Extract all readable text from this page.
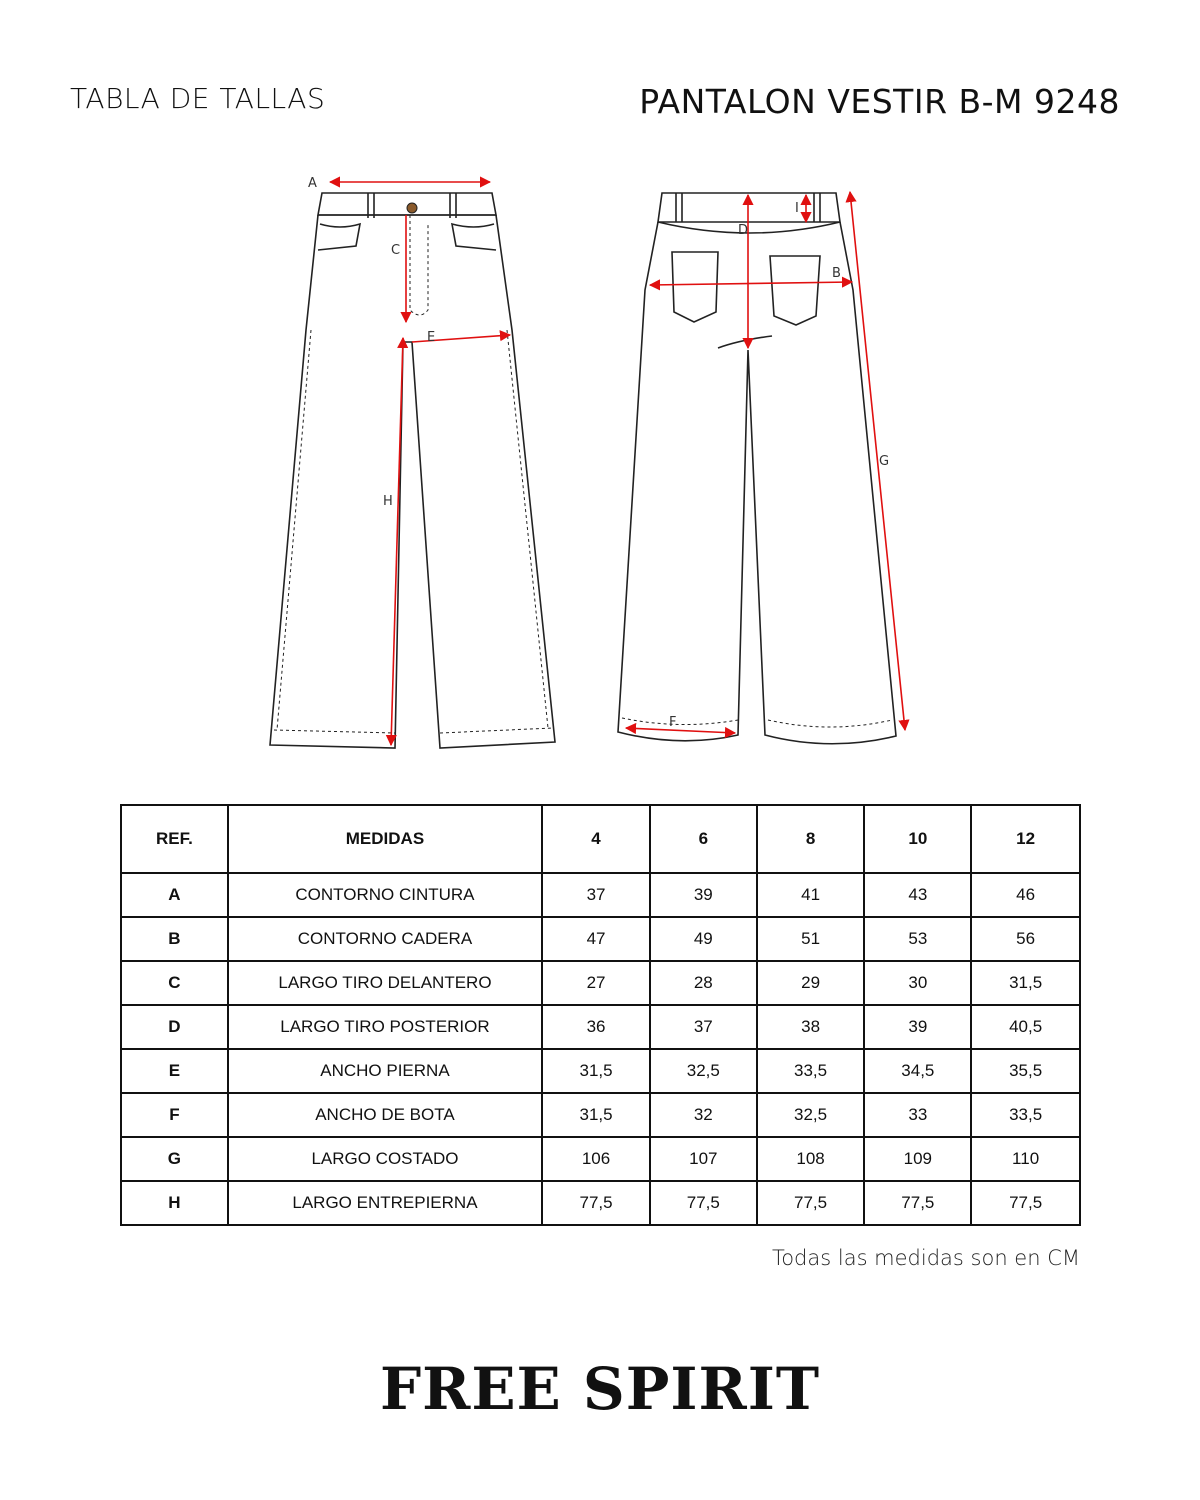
TABLA DE TALLAS	PANTALON VESTIR B-M 9248
A
C
E
H
I
D
B
G
F
REF.	MEDIDAS	4	6	8	10	12
A	CONTORNO CINTURA	37	39	41	43	46
B	CONTORNO CADERA	47	49	51	53	56
C	LARGO TIRO DELANTERO	27	28	29	30	31,5
D	LARGO TIRO POSTERIOR	36	37	38	39	40,5
E	ANCHO PIERNA	31,5	32,5	33,5	34,5	35,5
F	ANCHO DE BOTA	31,5	32	32,5	33	33,5
G	LARGO COSTADO	106	107	108	109	110
H	LARGO ENTREPIERNA	77,5	77,5	77,5	77,5	77,5
Todas las medidas son en CM
FREE SPIRIT
